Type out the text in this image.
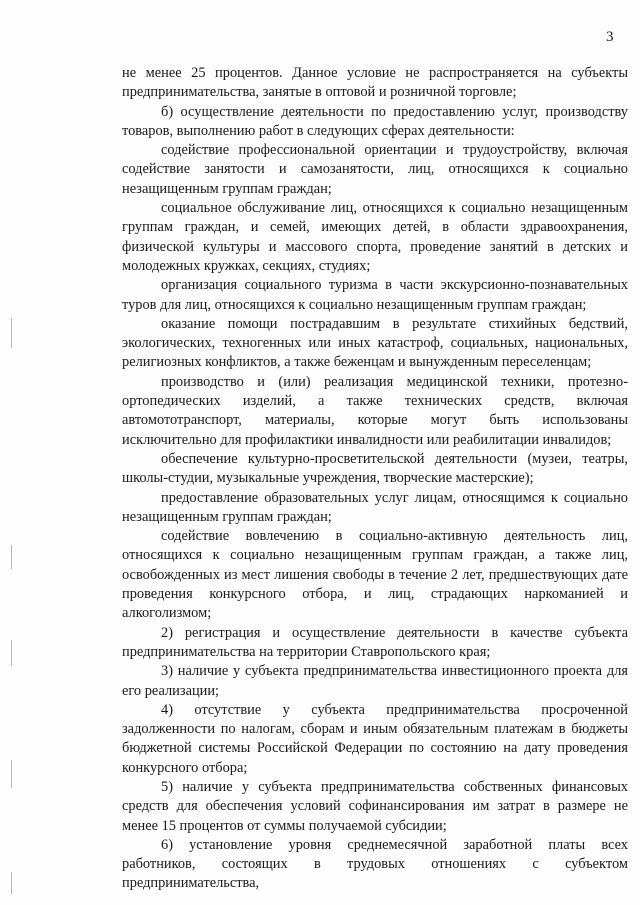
3

не менее 25 процентов. Данное условие не распространяется на субъекты предпринимательства, занятые в оптовой и розничной торговле;

б) осуществление деятельности по предоставлению услуг, производству товаров, выполнению работ в следующих сферах деятельности:

содействие профессиональной ориентации и трудоустройству, включая содействие занятости и самозанятости, лиц, относящихся к социально незащищенным группам граждан;

социальное обслуживание лиц, относящихся к социально незащищенным группам граждан, и семей, имеющих детей, в области здравоохранения, физической культуры и массового спорта, проведение занятий в детских и молодежных кружках, секциях, студиях;

организация социального туризма в части экскурсионно-познавательных туров для лиц, относящихся к социально незащищенным группам граждан;

оказание помощи пострадавшим в результате стихийных бедствий, экологических, техногенных или иных катастроф, социальных, национальных, религиозных конфликтов, а также беженцам и вынужденным переселенцам;

производство и (или) реализация медицинской техники, протезно-ортопедических изделий, а также технических средств, включая автомототранспорт, материалы, которые могут быть использованы исключительно для профилактики инвалидности или реабилитации инвалидов;

обеспечение культурно-просветительской деятельности (музеи, театры, школы-студии, музыкальные учреждения, творческие мастерские);

предоставление образовательных услуг лицам, относящимся к социально незащищенным группам граждан;

содействие вовлечению в социально-активную деятельность лиц, относящихся к социально незащищенным группам граждан, а также лиц, освобожденных из мест лишения свободы в течение 2 лет, предшествующих дате проведения конкурсного отбора, и лиц, страдающих наркоманией и алкоголизмом;

2) регистрация и осуществление деятельности в качестве субъекта предпринимательства на территории Ставропольского края;

3) наличие у субъекта предпринимательства инвестиционного проекта для его реализации;

4) отсутствие у субъекта предпринимательства просроченной задолженности по налогам, сборам и иным обязательным платежам в бюджеты бюджетной системы Российской Федерации по состоянию на дату проведения конкурсного отбора;

5) наличие у субъекта предпринимательства собственных финансовых средств для обеспечения условий софинансирования им затрат в размере не менее 15 процентов от суммы получаемой субсидии;

6) установление уровня среднемесячной заработной платы всех работников, состоящих в трудовых отношениях с субъектом предпринимательства,
